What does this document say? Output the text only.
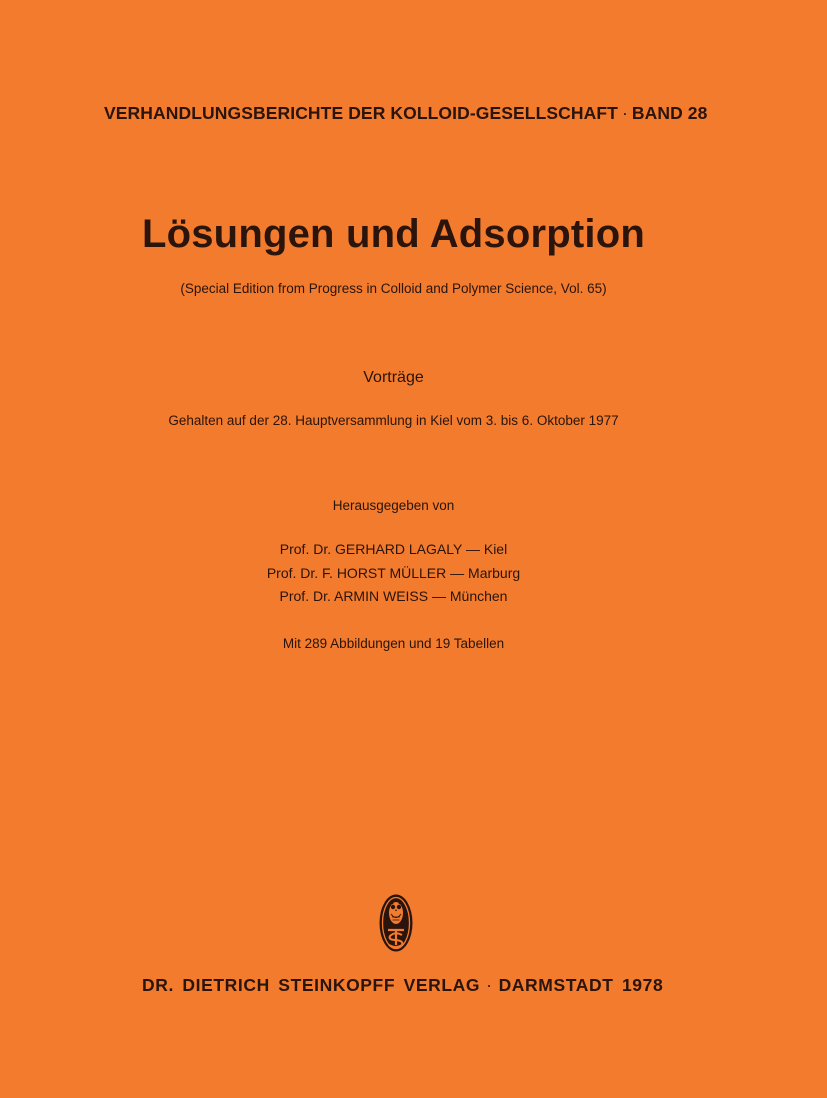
VERHANDLUNGSBERICHTE DER KOLLOID-GESELLSCHAFT · BAND 28
Lösungen und Adsorption
(Special Edition from Progress in Colloid and Polymer Science, Vol. 65)
Vorträge
Gehalten auf der 28. Hauptversammlung in Kiel vom 3. bis 6. Oktober 1977
Herausgegeben von
Prof. Dr. GERHARD LAGALY — Kiel
Prof. Dr. F. HORST MÜLLER — Marburg
Prof. Dr. ARMIN WEISS — München
Mit 289 Abbildungen und 19 Tabellen
DR. DIETRICH STEINKOPFF VERLAG · DARMSTADT 1978
